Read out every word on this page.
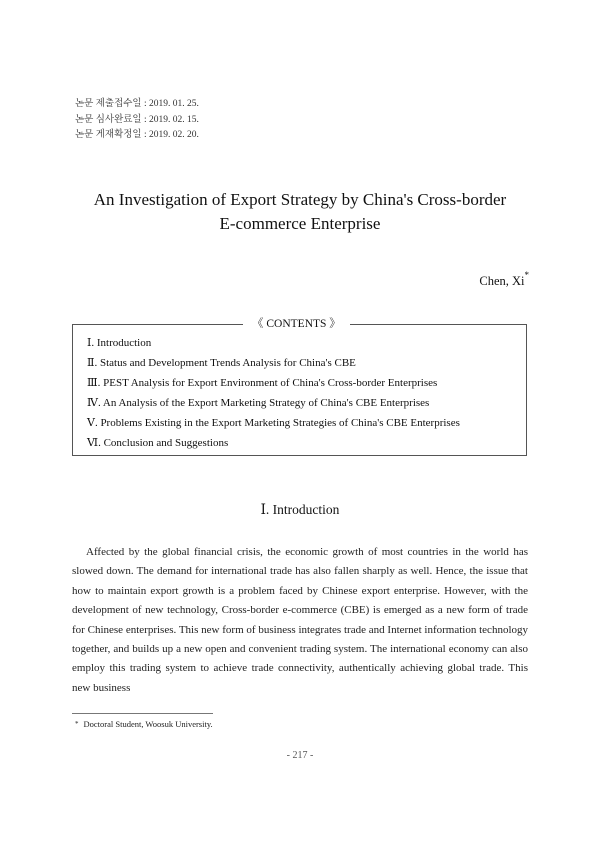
논문 제출접수일 : 2019. 01. 25.
논문 심사완료일 : 2019. 02. 15.
논문 게재확정일 : 2019. 02. 20.
An Investigation of Export Strategy by China's Cross-border
E-commerce Enterprise
Chen, Xi*
《 CONTENTS 》
Ⅰ. Introduction
Ⅱ. Status and Development Trends Analysis for China's CBE
Ⅲ. PEST Analysis for Export Environment of China's Cross-border Enterprises
Ⅳ. An Analysis of the Export Marketing Strategy of China's CBE Enterprises
Ⅴ. Problems Existing in the Export Marketing Strategies of China's CBE Enterprises
Ⅵ. Conclusion and Suggestions
Ⅰ. Introduction
Affected by the global financial crisis, the economic growth of most countries in the world has slowed down. The demand for international trade has also fallen sharply as well. Hence, the issue that how to maintain export growth is a problem faced by Chinese export enterprise. However, with the development of new technology, Cross-border e-commerce (CBE) is emerged as a new form of trade for Chinese enterprises. This new form of business integrates trade and Internet information technology together, and builds up a new open and convenient trading system. The international economy can also employ this trading system to achieve trade connectivity, authentically achieving global trade. This new business
* Doctoral Student, Woosuk University.
- 217 -
